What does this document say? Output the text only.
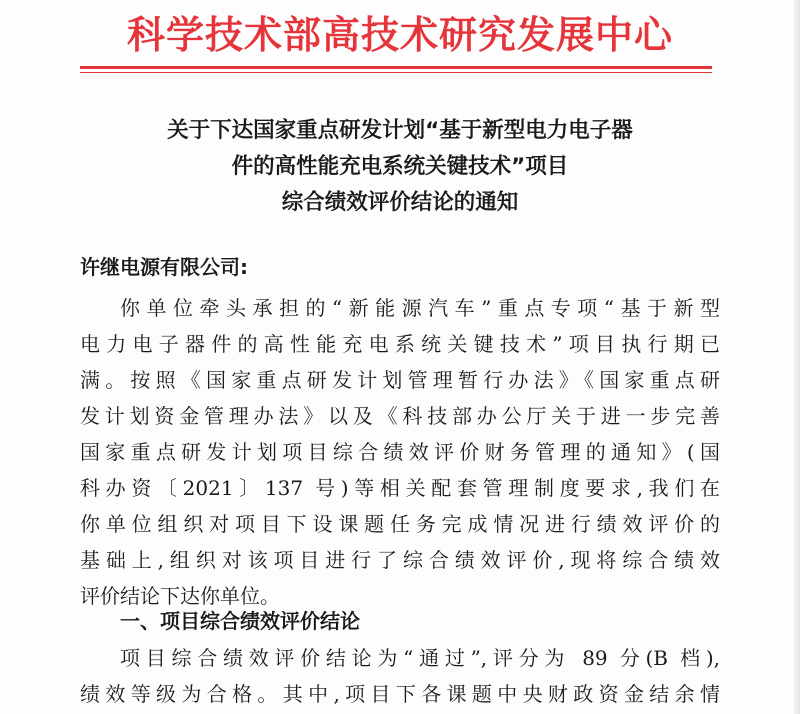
科学技术部高技术研究发展中心
关于下达国家重点研发计划“基于新型电力电子器
件的高性能充电系统关键技术”项目
综合绩效评价结论的通知
许继电源有限公司:
你单位牵头承担的“新能源汽车”重点专项“基于新型
电力电子器件的高性能充电系统关键技术”项目执行期已
满。按照《国家重点研发计划管理暂行办法》《国家重点研
发计划资金管理办法》以及《科技部办公厅关于进一步完善
国家重点研发计划项目综合绩效评价财务管理的通知》(国
科办资〔2021〕137 号)等相关配套管理制度要求,我们在
你单位组织对项目下设课题任务完成情况进行绩效评价的
基础上,组织对该项目进行了综合绩效评价,现将综合绩效
评价结论下达你单位。
一、项目综合绩效评价结论
项目综合绩效评价结论为“通过”,评分为 89 分(B 档),
绩效等级为合格。其中,项目下各课题中央财政资金结余情
